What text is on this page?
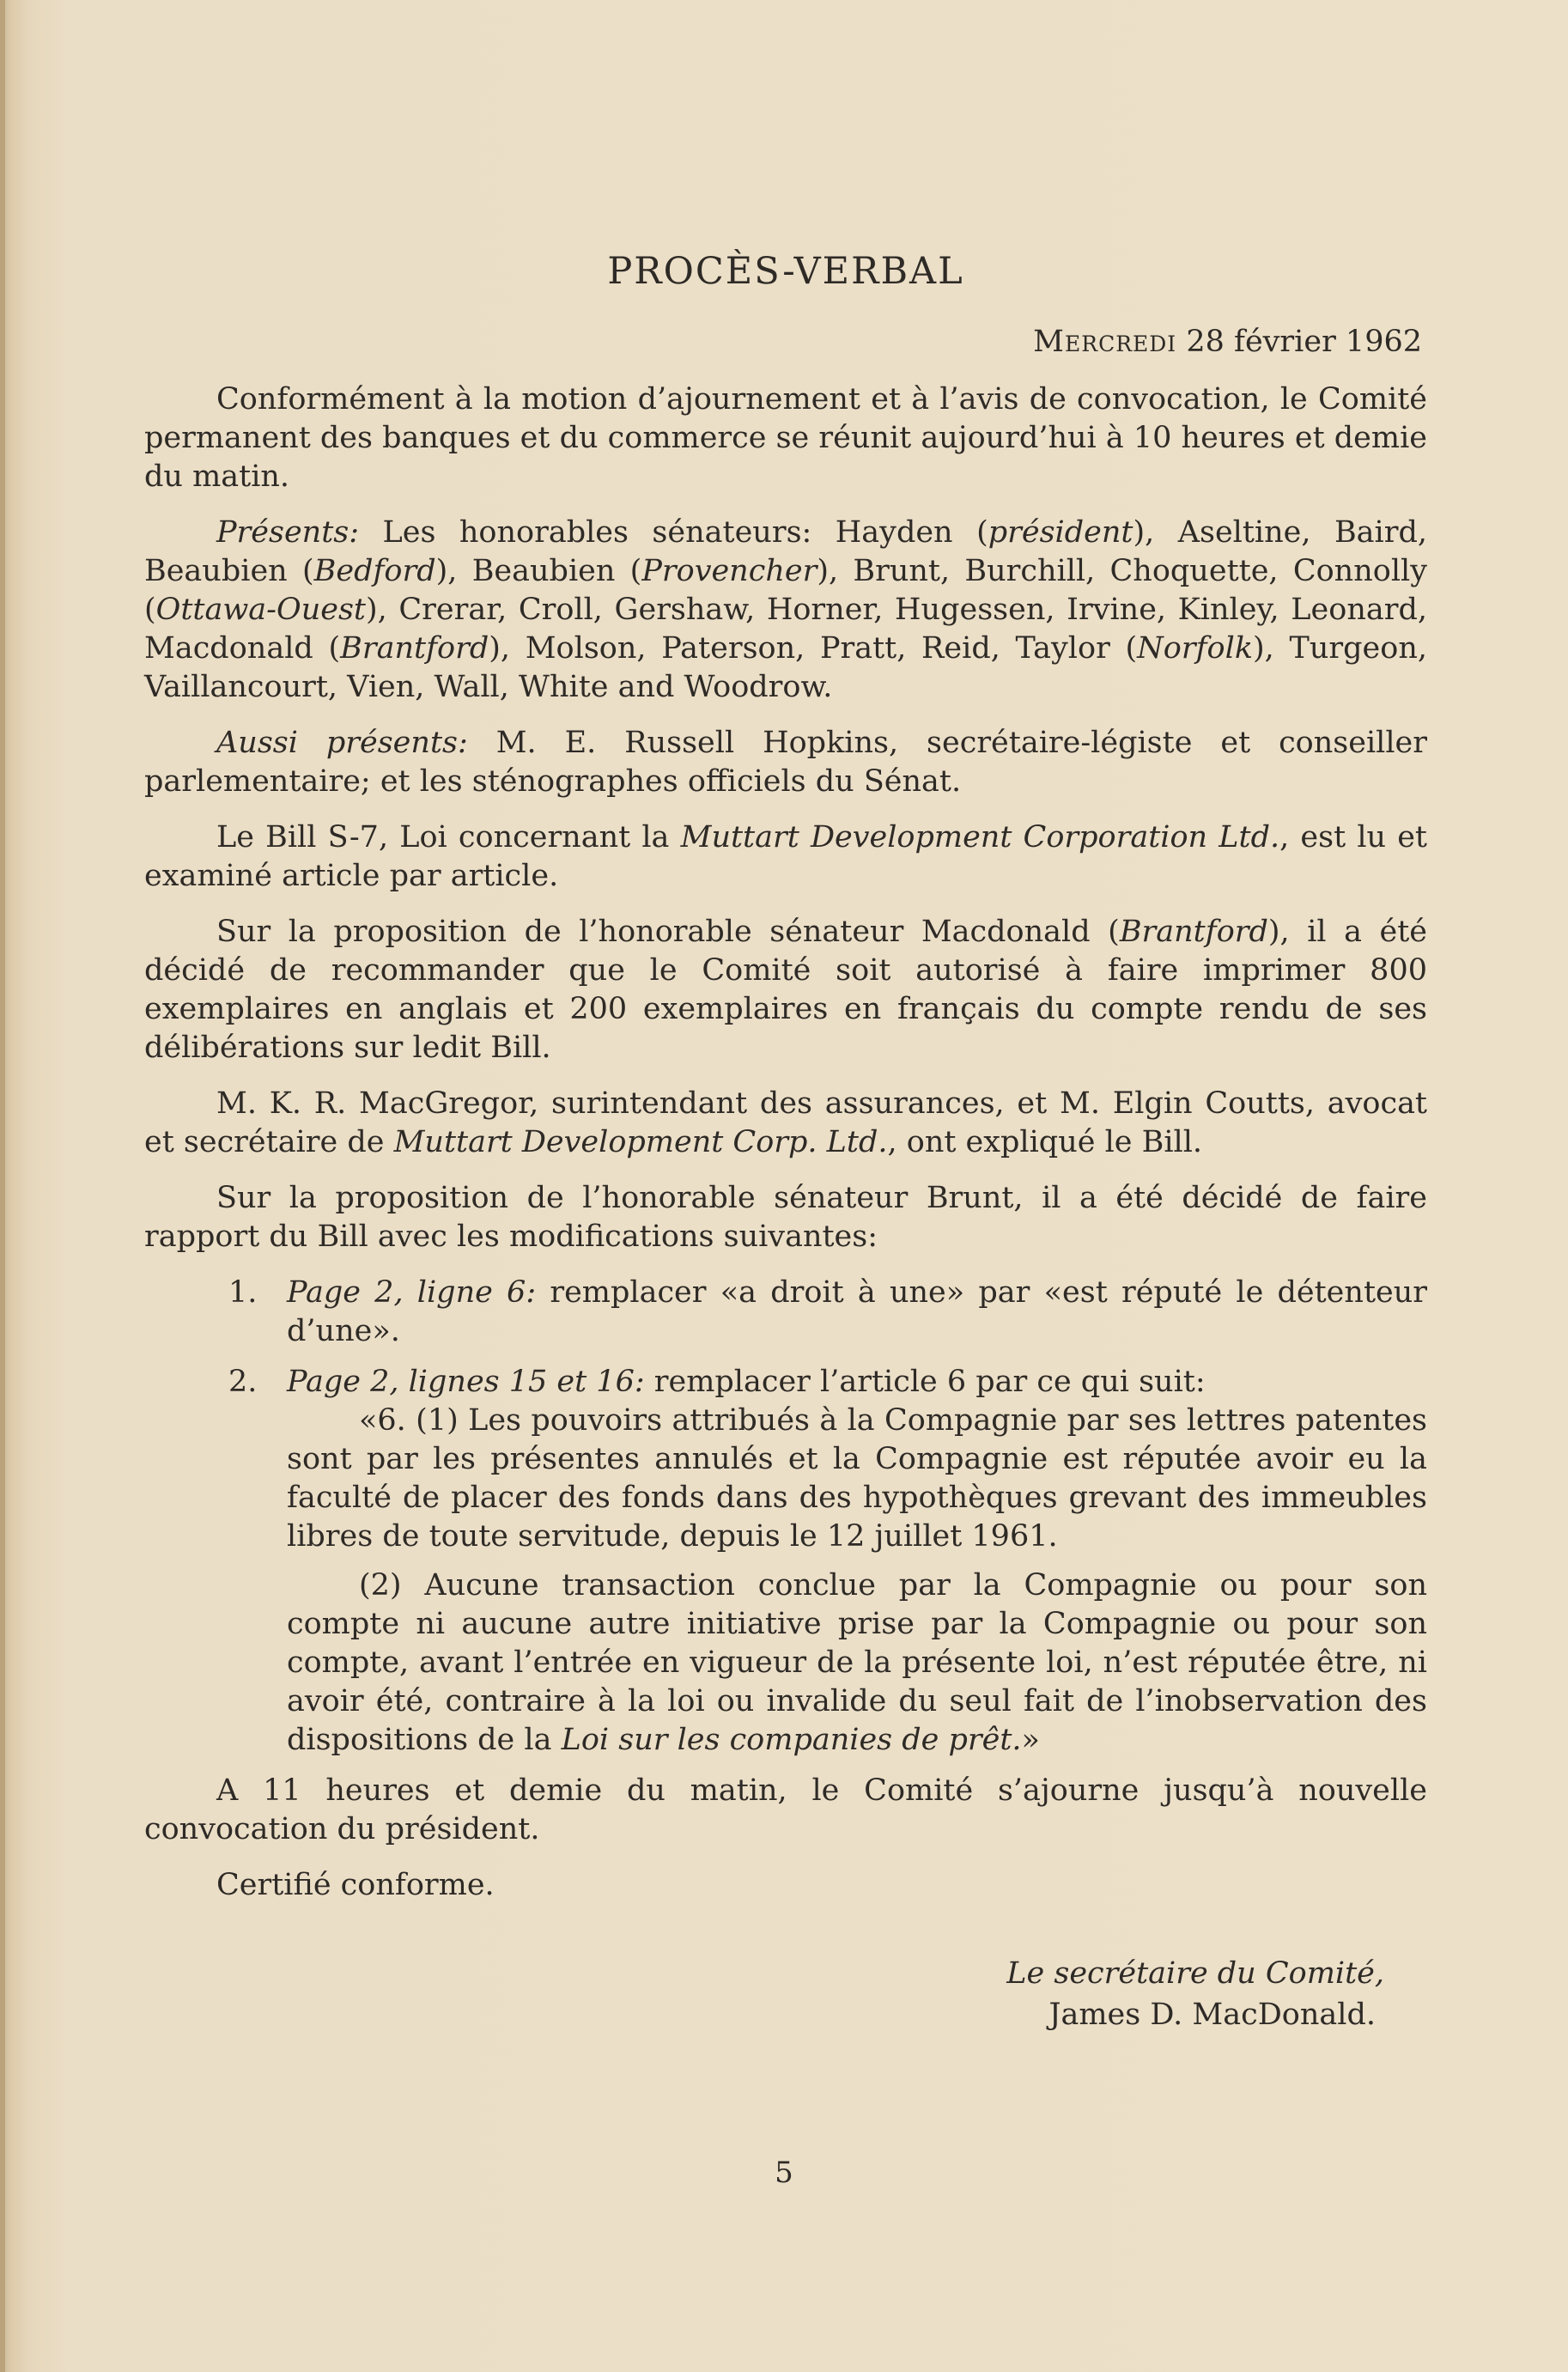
PROCÈS-VERBAL
Mercredi 28 février 1962

Conformément à la motion d’ajournement et à l’avis de convocation, le Comité permanent des banques et du commerce se réunit aujourd’hui à 10 heures et demie du matin.

Présents: Les honorables sénateurs: Hayden (président), Aseltine, Baird, Beaubien (Bedford), Beaubien (Provencher), Brunt, Burchill, Choquette, Connolly (Ottawa-Ouest), Crerar, Croll, Gershaw, Horner, Hugessen, Irvine, Kinley, Leonard, Macdonald (Brantford), Molson, Paterson, Pratt, Reid, Taylor (Norfolk), Turgeon, Vaillancourt, Vien, Wall, White and Woodrow.

Aussi présents: M. E. Russell Hopkins, secrétaire-légiste et conseiller parlementaire; et les sténographes officiels du Sénat.

Le Bill S-7, Loi concernant la Muttart Development Corporation Ltd., est lu et examiné article par article.

Sur la proposition de l’honorable sénateur Macdonald (Brantford), il a été décidé de recommander que le Comité soit autorisé à faire imprimer 800 exemplaires en anglais et 200 exemplaires en français du compte rendu de ses délibérations sur ledit Bill.

M. K. R. MacGregor, surintendant des assurances, et M. Elgin Coutts, avocat et secrétaire de Muttart Development Corp. Ltd., ont expliqué le Bill.

Sur la proposition de l’honorable sénateur Brunt, il a été décidé de faire rapport du Bill avec les modifications suivantes:

1. Page 2, ligne 6: remplacer «a droit à une» par «est réputé le détenteur d’une».
2. Page 2, lignes 15 et 16: remplacer l’article 6 par ce qui suit:

«6. (1) Les pouvoirs attribués à la Compagnie par ses lettres patentes sont par les présentes annulés et la Compagnie est réputée avoir eu la faculté de placer des fonds dans des hypothèques grevant des immeubles libres de toute servitude, depuis le 12 juillet 1961.

(2) Aucune transaction conclue par la Compagnie ou pour son compte ni aucune autre initiative prise par la Compagnie ou pour son compte, avant l’entrée en vigueur de la présente loi, n’est réputée être, ni avoir été, contraire à la loi ou invalide du seul fait de l’inobservation des dispositions de la Loi sur les companies de prêt.»

A 11 heures et demie du matin, le Comité s’ajourne jusqu’à nouvelle convocation du président.

Certifié conforme.

Le secrétaire du Comité,
James D. MacDonald.
5
